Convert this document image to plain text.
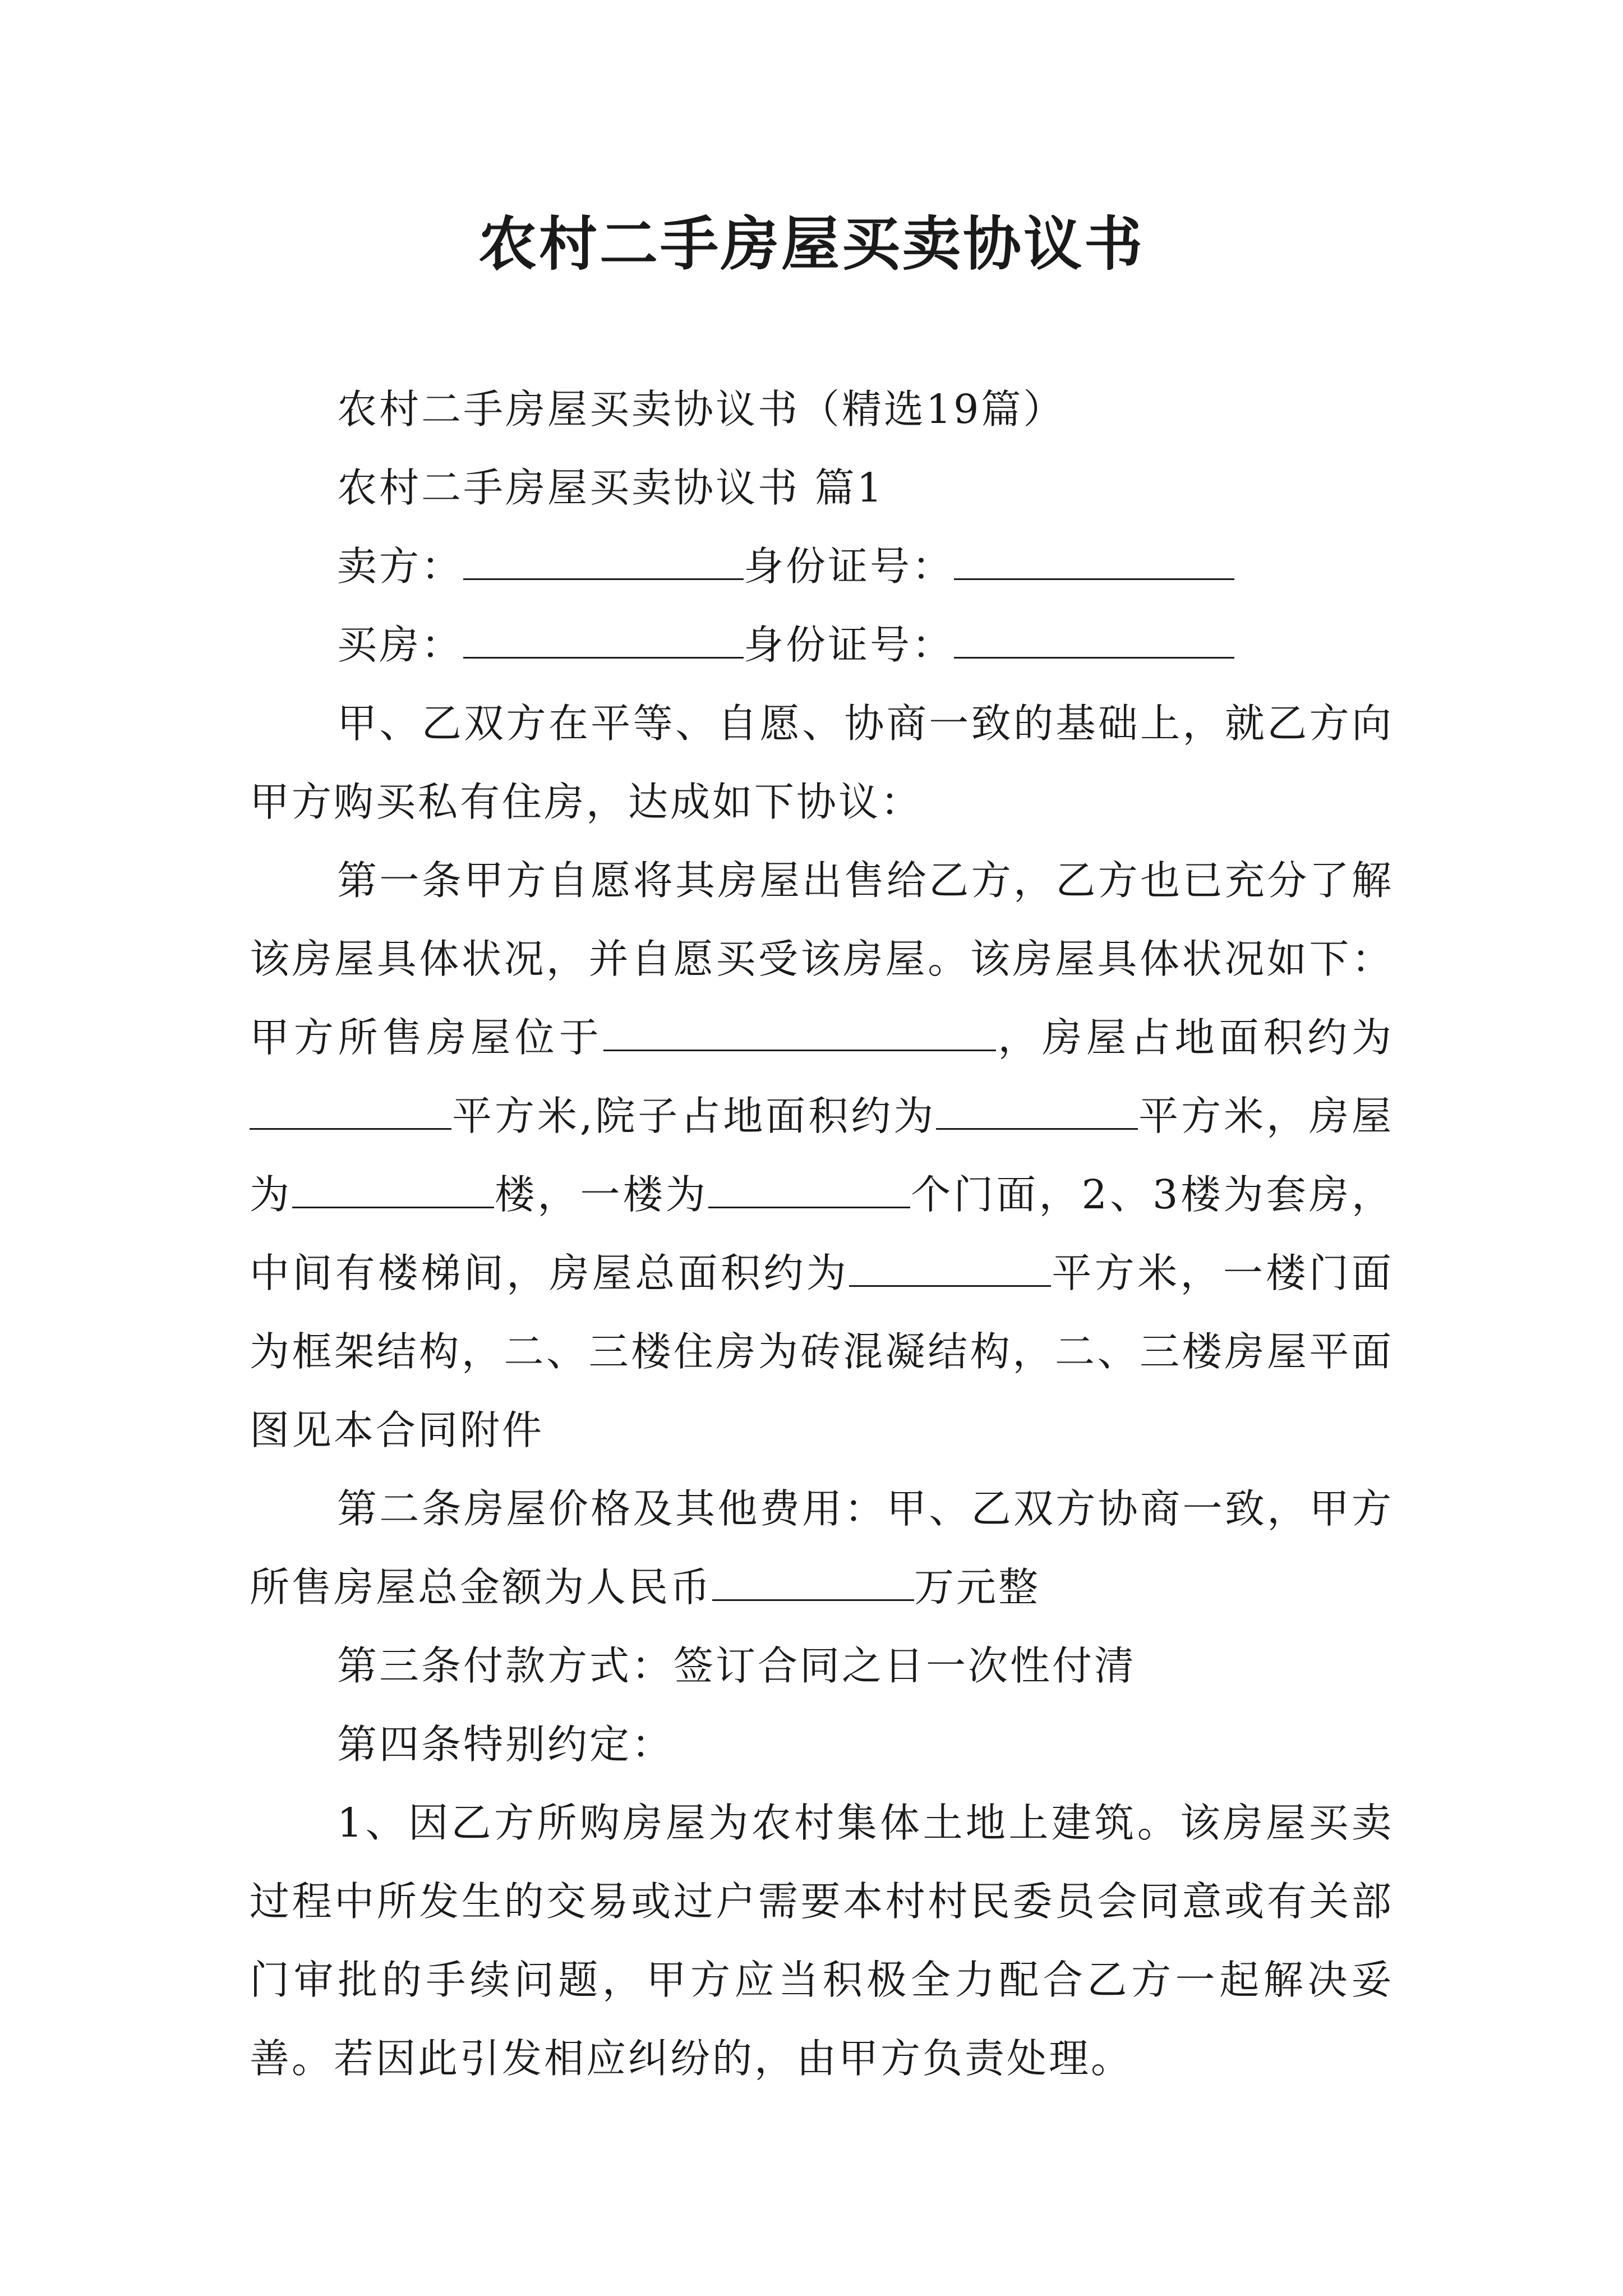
农村二手房屋买卖协议书

农村二手房屋买卖协议书（精选19篇）

农村二手房屋买卖协议书 篇1

卖方：	身份证号：

买房：	身份证号：

甲、乙双方在平等、自愿、协商一致的基础上，就乙方向甲方购买私有住房，达成如下协议：

第一条甲方自愿将其房屋出售给乙方，乙方也已充分了解该房屋具体状况，并自愿买受该房屋。该房屋具体状况如下：甲方所售房屋位于	，房屋占地面积约为平方米,院子占地面积约为	平方米，房屋为	楼，一楼为	个门面，2、3楼为套房，中间有楼梯间，房屋总面积约为	平方米，一楼门面为框架结构，二、三楼住房为砖混凝结构，二、三楼房屋平面图见本合同附件

第二条房屋价格及其他费用：甲、乙双方协商一致，甲方所售房屋总金额为人民币	万元整

第三条付款方式：签订合同之日一次性付清

第四条特别约定：

1、因乙方所购房屋为农村集体土地上建筑。该房屋买卖过程中所发生的交易或过户需要本村村民委员会同意或有关部门审批的手续问题，甲方应当积极全力配合乙方一起解决妥善。若因此引发相应纠纷的，由甲方负责处理。
